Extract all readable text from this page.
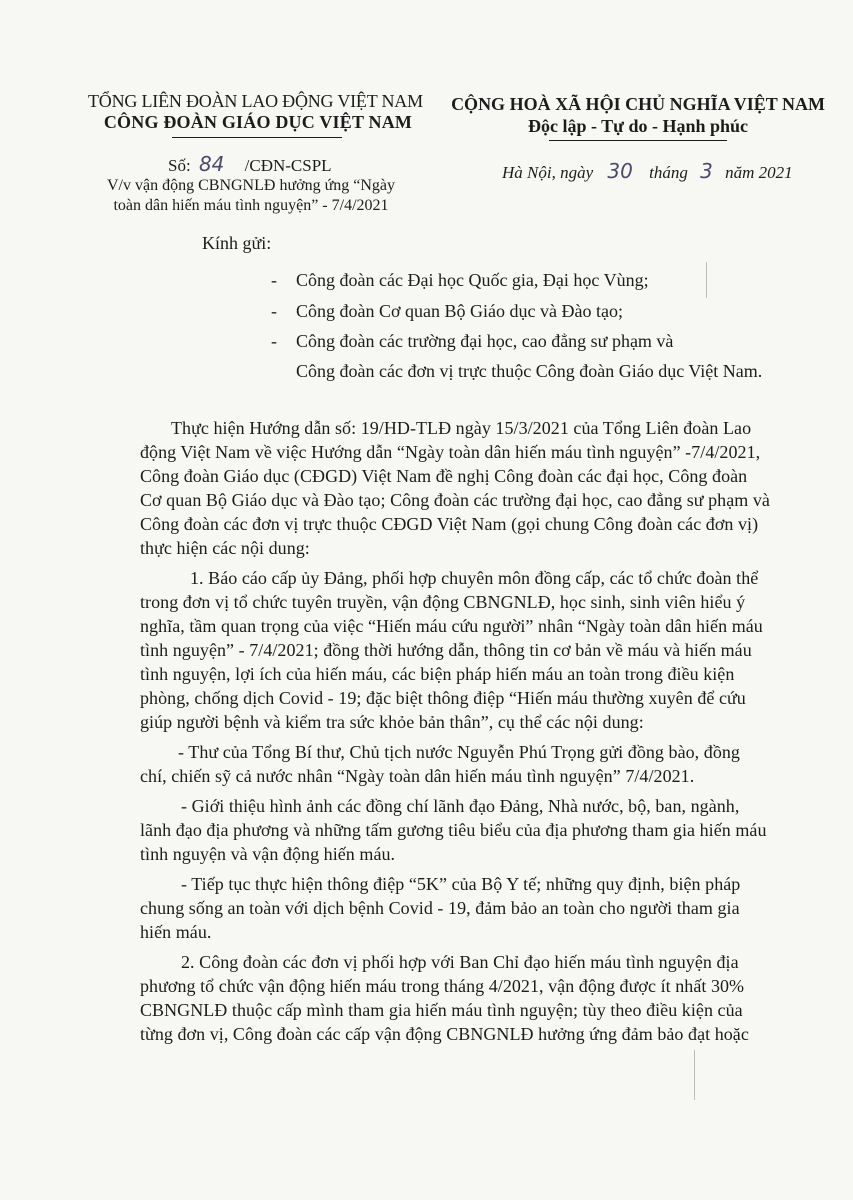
TỔNG LIÊN ĐOÀN LAO ĐỘNG VIỆT NAM
CÔNG ĐOÀN GIÁO DỤC VIỆT NAM
Số: 84 /CĐN-CSPL
V/v vận động CBNGNLĐ hưởng ứng “Ngày
toàn dân hiến máu tình nguyện” - 7/4/2021
CỘNG HOÀ XÃ HỘI CHỦ NGHĨA VIỆT NAM
Độc lập - Tự do - Hạnh phúc
Hà Nội, ngày 30 tháng 3 năm 2021
Kính gửi:
- Công đoàn các Đại học Quốc gia, Đại học Vùng;
- Công đoàn Cơ quan Bộ Giáo dục và Đào tạo;
- Công đoàn các trường đại học, cao đẳng sư phạm và
Công đoàn các đơn vị trực thuộc Công đoàn Giáo dục Việt Nam.
Thực hiện Hướng dẫn số: 19/HD-TLĐ ngày 15/3/2021 của Tổng Liên đoàn Lao
động Việt Nam về việc Hướng dẫn “Ngày toàn dân hiến máu tình nguyện” -7/4/2021,
Công đoàn Giáo dục (CĐGD) Việt Nam đề nghị Công đoàn các đại học, Công đoàn
Cơ quan Bộ Giáo dục và Đào tạo; Công đoàn các trường đại học, cao đẳng sư phạm và
Công đoàn các đơn vị trực thuộc CĐGD Việt Nam (gọi chung Công đoàn các đơn vị)
thực hiện các nội dung:
1. Báo cáo cấp ủy Đảng, phối hợp chuyên môn đồng cấp, các tổ chức đoàn thể
trong đơn vị tổ chức tuyên truyền, vận động CBNGNLĐ, học sinh, sinh viên hiểu ý
nghĩa, tầm quan trọng của việc “Hiến máu cứu người” nhân “Ngày toàn dân hiến máu
tình nguyện” - 7/4/2021; đồng thời hướng dẫn, thông tin cơ bản về máu và hiến máu
tình nguyện, lợi ích của hiến máu, các biện pháp hiến máu an toàn trong điều kiện
phòng, chống dịch Covid - 19; đặc biệt thông điệp “Hiến máu thường xuyên để cứu
giúp người bệnh và kiểm tra sức khỏe bản thân”, cụ thể các nội dung:
- Thư của Tổng Bí thư, Chủ tịch nước Nguyễn Phú Trọng gửi đồng bào, đồng
chí, chiến sỹ cả nước nhân “Ngày toàn dân hiến máu tình nguyện” 7/4/2021.
- Giới thiệu hình ảnh các đồng chí lãnh đạo Đảng, Nhà nước, bộ, ban, ngành,
lãnh đạo địa phương và những tấm gương tiêu biểu của địa phương tham gia hiến máu
tình nguyện và vận động hiến máu.
- Tiếp tục thực hiện thông điệp “5K” của Bộ Y tế; những quy định, biện pháp
chung sống an toàn với dịch bệnh Covid - 19, đảm bảo an toàn cho người tham gia
hiến máu.
2. Công đoàn các đơn vị phối hợp với Ban Chỉ đạo hiến máu tình nguyện địa
phương tổ chức vận động hiến máu trong tháng 4/2021, vận động được ít nhất 30%
CBNGNLĐ thuộc cấp mình tham gia hiến máu tình nguyện; tùy theo điều kiện của
từng đơn vị, Công đoàn các cấp vận động CBNGNLĐ hưởng ứng đảm bảo đạt hoặc
